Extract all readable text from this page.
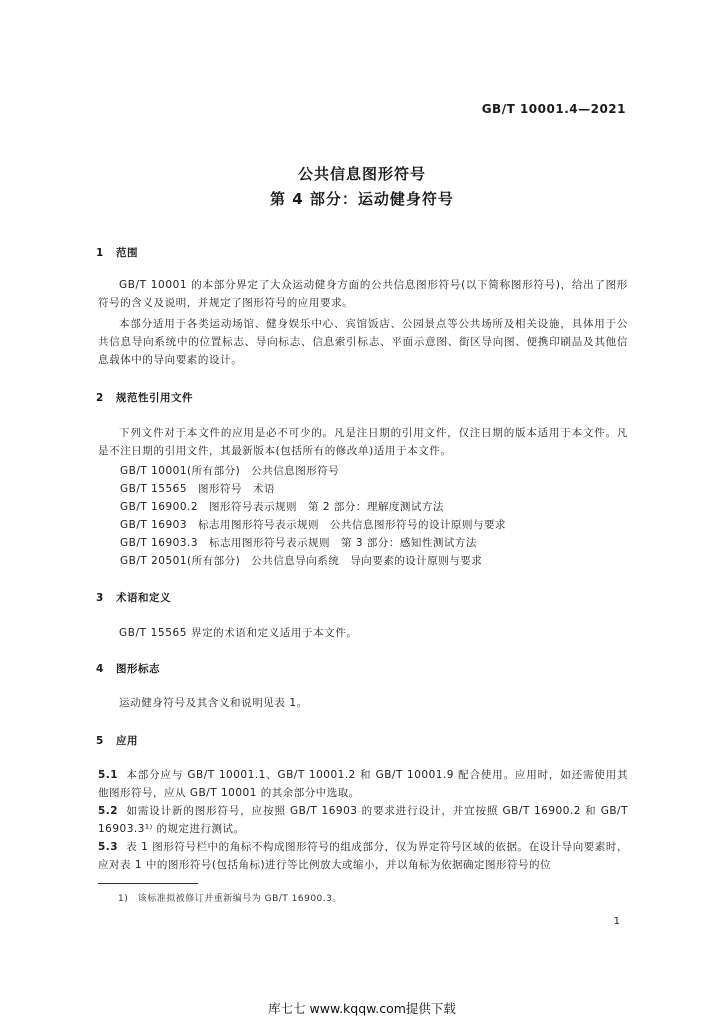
GB/T 10001.4—2021
公共信息图形符号
第 4 部分：运动健身符号
1 范围
GB/T 10001 的本部分界定了大众运动健身方面的公共信息图形符号(以下简称图形符号)，给出了图形符号的含义及说明，并规定了图形符号的应用要求。
本部分适用于各类运动场馆、健身娱乐中心、宾馆饭店、公园景点等公共场所及相关设施，具体用于公共信息导向系统中的位置标志、导向标志、信息索引标志、平面示意图、街区导向图、便携印刷品及其他信息载体中的导向要素的设计。
2 规范性引用文件
下列文件对于本文件的应用是必不可少的。凡是注日期的引用文件，仅注日期的版本适用于本文件。凡是不注日期的引用文件，其最新版本(包括所有的修改单)适用于本文件。
GB/T 10001(所有部分)　公共信息图形符号
GB/T 15565　图形符号　术语
GB/T 16900.2　图形符号表示规则　第 2 部分：理解度测试方法
GB/T 16903　标志用图形符号表示规则　公共信息图形符号的设计原则与要求
GB/T 16903.3　标志用图形符号表示规则　第 3 部分：感知性测试方法
GB/T 20501(所有部分)　公共信息导向系统　导向要素的设计原则与要求
3 术语和定义
GB/T 15565 界定的术语和定义适用于本文件。
4 图形标志
运动健身符号及其含义和说明见表 1。
5 应用
5.1 本部分应与 GB/T 10001.1、GB/T 10001.2 和 GB/T 10001.9 配合使用。应用时，如还需使用其他图形符号，应从 GB/T 10001 的其余部分中选取。
5.2 如需设计新的图形符号，应按照 GB/T 16903 的要求进行设计，并宜按照 GB/T 16900.2 和 GB/T 16903.3¹⁾ 的规定进行测试。
5.3 表 1 图形符号栏中的角标不构成图形符号的组成部分，仅为界定符号区域的依据。在设计导向要素时，应对表 1 中的图形符号(包括角标)进行等比例放大或缩小，并以角标为依据确定图形符号的位
1)　该标准拟被修订并重新编号为 GB/T 16900.3。
1
库七七 www.kqqw.com提供下载
